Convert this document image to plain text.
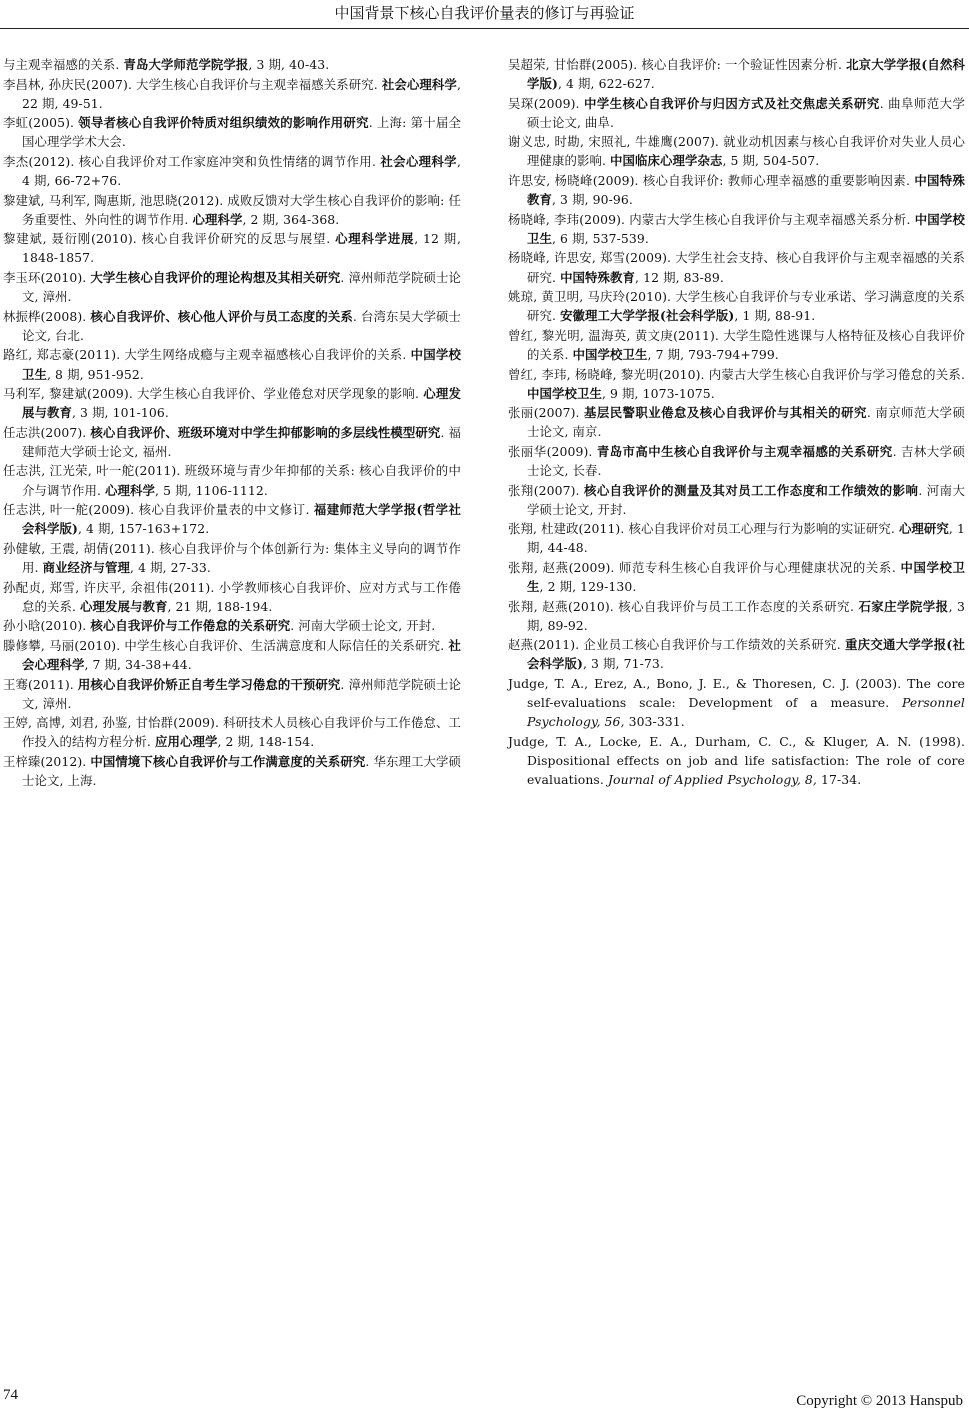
中国背景下核心自我评价量表的修订与再验证

与主观幸福感的关系. 青岛大学师范学院学报, 3 期, 40-43.

李昌林, 孙庆民(2007). 大学生核心自我评价与主观幸福感关系研究. 社会心理科学, 22 期, 49-51.

李虹(2005). 领导者核心自我评价特质对组织绩效的影响作用研究. 上海: 第十届全国心理学学术大会.

李杰(2012). 核心自我评价对工作家庭冲突和负性情绪的调节作用. 社会心理科学, 4 期, 66-72+76.

黎建斌, 马利军, 陶惠斯, 池思晓(2012). 成败反馈对大学生核心自我评价的影响: 任务重要性、外向性的调节作用. 心理科学, 2 期, 364-368.

黎建斌, 聂衍刚(2010). 核心自我评价研究的反思与展望. 心理科学进展, 12 期, 1848-1857.

李玉环(2010). 大学生核心自我评价的理论构想及其相关研究. 漳州师范学院硕士论文, 漳州.

林振桦(2008). 核心自我评价、核心他人评价与员工态度的关系. 台湾东吴大学硕士论文, 台北.

路红, 郑志豪(2011). 大学生网络成瘾与主观幸福感核心自我评价的关系. 中国学校卫生, 8 期, 951-952.

马利军, 黎建斌(2009). 大学生核心自我评价、学业倦怠对厌学现象的影响. 心理发展与教育, 3 期, 101-106.

任志洪(2007). 核心自我评价、班级环境对中学生抑郁影响的多层线性模型研究. 福建师范大学硕士论文, 福州.

任志洪, 江光荣, 叶一舵(2011). 班级环境与青少年抑郁的关系: 核心自我评价的中介与调节作用. 心理科学, 5 期, 1106-1112.

任志洪, 叶一舵(2009). 核心自我评价量表的中文修订. 福建师范大学学报(哲学社会科学版), 4 期, 157-163+172.

孙健敏, 王震, 胡倩(2011). 核心自我评价与个体创新行为: 集体主义导向的调节作用. 商业经济与管理, 4 期, 27-33.

孙配贞, 郑雪, 许庆平, 余祖伟(2011). 小学教师核心自我评价、应对方式与工作倦怠的关系. 心理发展与教育, 21 期, 188-194.

孙小晗(2010). 核心自我评价与工作倦怠的关系研究. 河南大学硕士论文, 开封.

滕修攀, 马丽(2010). 中学生核心自我评价、生活满意度和人际信任的关系研究. 社会心理科学, 7 期, 34-38+44.

王骞(2011). 用核心自我评价矫正自考生学习倦怠的干预研究. 漳州师范学院硕士论文, 漳州.

王婷, 高博, 刘君, 孙鉴, 甘怡群(2009). 科研技术人员核心自我评价与工作倦怠、工作投入的结构方程分析. 应用心理学, 2 期, 148-154.

王梓臻(2012). 中国情境下核心自我评价与工作满意度的关系研究. 华东理工大学硕士论文, 上海.

吴超荣, 甘怡群(2005). 核心自我评价: 一个验证性因素分析. 北京大学学报(自然科学版), 4 期, 622-627.

吴琛(2009). 中学生核心自我评价与归因方式及社交焦虑关系研究. 曲阜师范大学硕士论文, 曲阜.

谢义忠, 时勘, 宋照礼, 牛雄鹰(2007). 就业动机因素与核心自我评价对失业人员心理健康的影响. 中国临床心理学杂志, 5 期, 504-507.

许思安, 杨晓峰(2009). 核心自我评价: 教师心理幸福感的重要影响因素. 中国特殊教育, 3 期, 90-96.

杨晓峰, 李玮(2009). 内蒙古大学生核心自我评价与主观幸福感关系分析. 中国学校卫生, 6 期, 537-539.

杨晓峰, 许思安, 郑雪(2009). 大学生社会支持、核心自我评价与主观幸福感的关系研究. 中国特殊教育, 12 期, 83-89.

姚琼, 黄卫明, 马庆玲(2010). 大学生核心自我评价与专业承诺、学习满意度的关系研究. 安徽理工大学学报(社会科学版), 1 期, 88-91.

曾红, 黎光明, 温海英, 黄文庚(2011). 大学生隐性逃课与人格特征及核心自我评价的关系. 中国学校卫生, 7 期, 793-794+799.

曾红, 李玮, 杨晓峰, 黎光明(2010). 内蒙古大学生核心自我评价与学习倦怠的关系. 中国学校卫生, 9 期, 1073-1075.

张丽(2007). 基层民警职业倦怠及核心自我评价与其相关的研究. 南京师范大学硕士论文, 南京.

张丽华(2009). 青岛市高中生核心自我评价与主观幸福感的关系研究. 吉林大学硕士论文, 长春.

张翔(2007). 核心自我评价的测量及其对员工工作态度和工作绩效的影响. 河南大学硕士论文, 开封.

张翔, 杜建政(2011). 核心自我评价对员工心理与行为影响的实证研究. 心理研究, 1 期, 44-48.

张翔, 赵燕(2009). 师范专科生核心自我评价与心理健康状况的关系. 中国学校卫生, 2 期, 129-130.

张翔, 赵燕(2010). 核心自我评价与员工工作态度的关系研究. 石家庄学院学报, 3 期, 89-92.

赵燕(2011). 企业员工核心自我评价与工作绩效的关系研究. 重庆交通大学学报(社会科学版), 3 期, 71-73.

Judge, T. A., Erez, A., Bono, J. E., & Thoresen, C. J. (2003). The core self-evaluations scale: Development of a measure. Personnel Psychology, 56, 303-331.

Judge, T. A., Locke, E. A., Durham, C. C., & Kluger, A. N. (1998). Dispositional effects on job and life satisfaction: The role of core evaluations. Journal of Applied Psychology, 8, 17-34.

74	Copyright © 2013 Hanspub
